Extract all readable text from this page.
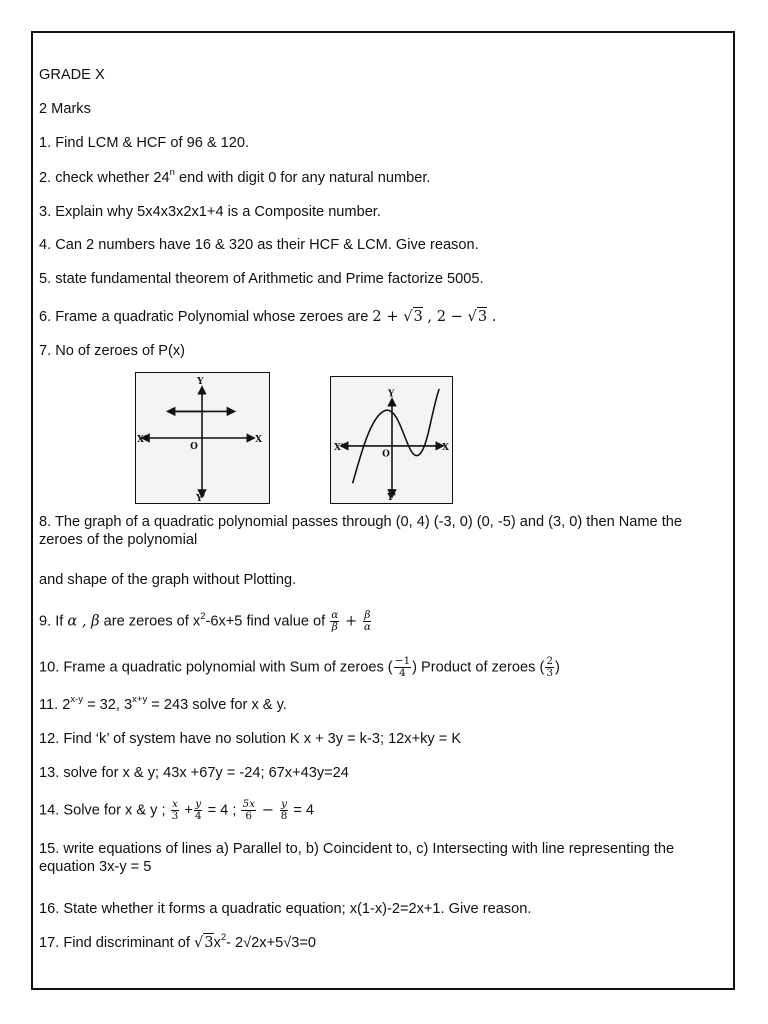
GRADE X
2 Marks
1. Find LCM & HCF of 96 & 120.
2. check whether 24$^n$ end with digit 0 for any natural number.
3. Explain why 5x4x3x2x1+4 is a Composite number.
4. Can 2 numbers have 16 & 320 as their HCF & LCM. Give reason.
5. state fundamental theorem of Arithmetic and Prime factorize 5005.
6. Frame a quadratic Polynomial whose zeroes are 2 + √3 , 2 − √3 .
7. No of zeroes of P(x)
Y
X
X'
Y'
O
Y
X
X'
Y'
O
8. The graph of a quadratic polynomial passes through (0, 4) (-3, 0) (0, -5) and (3, 0) then Name the zeroes of the polynomial
and shape of the graph without Plotting.
9. If α , β are zeroes of $x^2-6x+5$ find value of $\frac{\alpha}{\beta} + \frac{\beta}{\alpha}$
10. Frame a quadratic polynomial with Sum of zeroes ( $\frac{-1}{4}$ ) Product of zeroes ( $\frac{2}{3}$ )
11. $2^{x-y} = 32$, $3^{x+y} = 243$ solve for x & y.
12. Find ‘k’ of system have no solution K x + 3y = k-3; 12x+ky = K
13. solve for x & y; 43x +67y = -24; 67x+43y=24
14. Solve for x & y ; $\frac{x}{3} + \frac{y}{4} = 4$ ; $\frac{5x}{6} - \frac{y}{8} = 4$
15. write equations of lines a) Parallel to, b) Coincident to, c) Intersecting with line representing the equation 3x-y = 5
16. State whether it forms a quadratic equation; x(1-x)-2=2x+1. Give reason.
17. Find discriminant of $√3x^2-$ 2√2x+5√3=0
